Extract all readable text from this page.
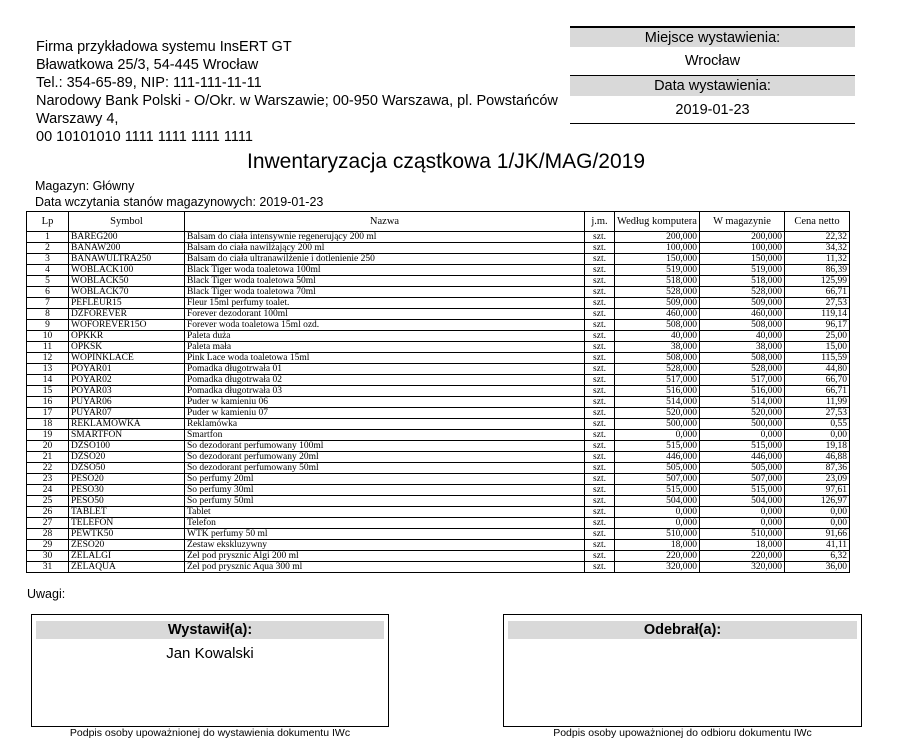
Firma przykładowa systemu InsERT GT
Bławatkowa 25/3, 54-445 Wrocław
Tel.: 354-65-89, NIP: 111-111-11-11
Narodowy Bank Polski - O/Okr. w Warszawie; 00-950 Warszawa, pl. Powstańców
Warszawy 4,
00 10101010 1111 1111 1111 1111
Miejsce wystawienia:
Wrocław
Data wystawienia:
2019-01-23
Inwentaryzacja cząstkowa 1/JK/MAG/2019
Magazyn: Główny
Data wczytania stanów magazynowych: 2019-01-23
Lp	Symbol	Nazwa	j.m.	Według komputera	W magazynie	Cena netto
1	BAREG200	Balsam do ciała intensywnie regenerujący 200 ml	szt.	200,000	200,000	22,32
2	BANAW200	Balsam do ciała nawilżający 200 ml	szt.	100,000	100,000	34,32
3	BANAWULTRA250	Balsam do ciała ultranawilżenie i dotlenienie 250	szt.	150,000	150,000	11,32
4	WOBLACK100	Black Tiger woda toaletowa 100ml	szt.	519,000	519,000	86,39
5	WOBLACK50	Black Tiger woda toaletowa 50ml	szt.	518,000	518,000	125,99
6	WOBLACK70	Black Tiger woda toaletowa 70ml	szt.	528,000	528,000	66,71
7	PEFLEUR15	Fleur 15ml perfumy toalet.	szt.	509,000	509,000	27,53
8	DZFOREVER	Forever dezodorant 100ml	szt.	460,000	460,000	119,14
9	WOFOREVER15O	Forever woda toaletowa 15ml ozd.	szt.	508,000	508,000	96,17
10	OPKKR	Paleta duża	szt.	40,000	40,000	25,00
11	OPKSK	Paleta mała	szt.	38,000	38,000	15,00
12	WOPINKLACE	Pink Lace woda toaletowa 15ml	szt.	508,000	508,000	115,59
13	POYAR01	Pomadka długotrwała 01	szt.	528,000	528,000	44,80
14	POYAR02	Pomadka długotrwała 02	szt.	517,000	517,000	66,70
15	POYAR03	Pomadka długotrwała 03	szt.	516,000	516,000	66,71
16	PUYAR06	Puder w kamieniu 06	szt.	514,000	514,000	11,99
17	PUYAR07	Puder w kamieniu 07	szt.	520,000	520,000	27,53
18	REKLAMÓWKA	Reklamówka	szt.	500,000	500,000	0,55
19	SMARTFON	Smartfon	szt.	0,000	0,000	0,00
20	DZSO100	So dezodorant perfumowany 100ml	szt.	515,000	515,000	19,18
21	DZSO20	So dezodorant perfumowany 20ml	szt.	446,000	446,000	46,88
22	DZSO50	So dezodorant perfumowany 50ml	szt.	505,000	505,000	87,36
23	PESO20	So perfumy 20ml	szt.	507,000	507,000	23,09
24	PESO30	So perfumy 30ml	szt.	515,000	515,000	97,61
25	PESO50	So perfumy 50ml	szt.	504,000	504,000	126,97
26	TABLET	Tablet	szt.	0,000	0,000	0,00
27	TELEFON	Telefon	szt.	0,000	0,000	0,00
28	PEWTK50	WTK perfumy 50 ml	szt.	510,000	510,000	91,66
29	ZESO20	Zestaw ekskluzywny	szt.	18,000	18,000	41,11
30	ZELALGI	Żel pod prysznic Algi 200 ml	szt.	220,000	220,000	6,32
31	ZELAQUA	Żel pod prysznic Aqua 300 ml	szt.	320,000	320,000	36,00
Uwagi:
Wystawił(a):
Jan Kowalski
Podpis osoby upoważnionej do wystawienia dokumentu IWc
Odebrał(a):
Podpis osoby upoważnionej do odbioru dokumentu IWc
